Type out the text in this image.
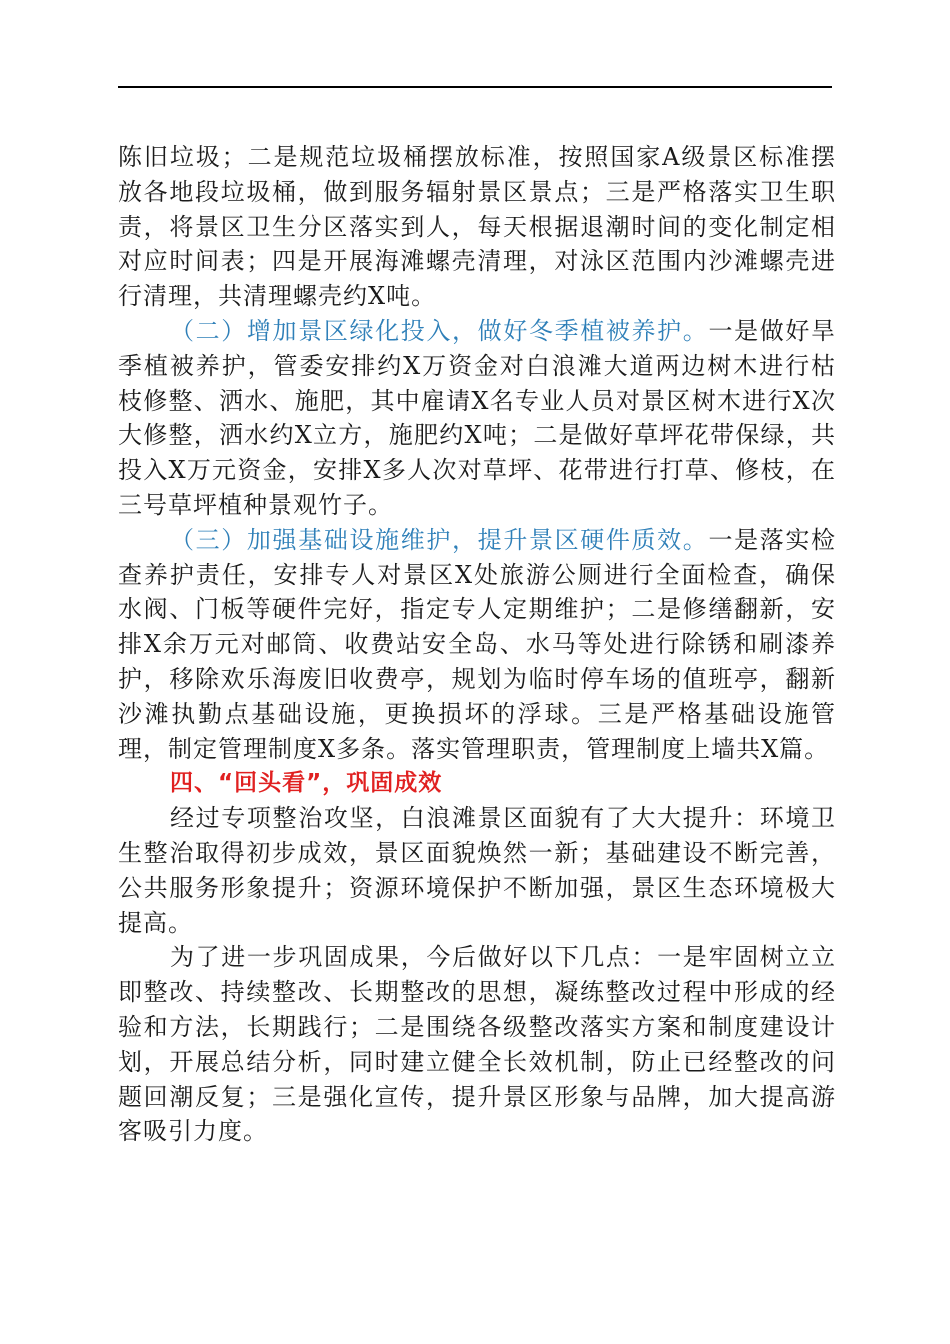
陈旧垃圾；二是规范垃圾桶摆放标准，按照国家A级景区标准摆放各地段垃圾桶，做到服务辐射景区景点；三是严格落实卫生职责，将景区卫生分区落实到人，每天根据退潮时间的变化制定相对应时间表；四是开展海滩螺壳清理，对泳区范围内沙滩螺壳进行清理，共清理螺壳约X吨。

（二）增加景区绿化投入，做好冬季植被养护。一是做好旱季植被养护，管委安排约X万资金对白浪滩大道两边树木进行枯枝修整、洒水、施肥，其中雇请X名专业人员对景区树木进行X次大修整，洒水约X立方，施肥约X吨；二是做好草坪花带保绿，共投入X万元资金，安排X多人次对草坪、花带进行打草、修枝，在三号草坪植种景观竹子。

（三）加强基础设施维护，提升景区硬件质效。一是落实检查养护责任，安排专人对景区X处旅游公厕进行全面检查，确保水阀、门板等硬件完好，指定专人定期维护；二是修缮翻新，安排X余万元对邮筒、收费站安全岛、水马等处进行除锈和刷漆养护，移除欢乐海废旧收费亭，规划为临时停车场的值班亭，翻新沙滩执勤点基础设施，更换损坏的浮球。三是严格基础设施管理，制定管理制度X多条。落实管理职责，管理制度上墙共X篇。

四、“回头看”，巩固成效

经过专项整治攻坚，白浪滩景区面貌有了大大提升：环境卫生整治取得初步成效，景区面貌焕然一新；基础建设不断完善，公共服务形象提升；资源环境保护不断加强，景区生态环境极大提高。

为了进一步巩固成果，今后做好以下几点：一是牢固树立立即整改、持续整改、长期整改的思想，凝练整改过程中形成的经验和方法，长期践行；二是围绕各级整改落实方案和制度建设计划，开展总结分析，同时建立健全长效机制，防止已经整改的问题回潮反复；三是强化宣传，提升景区形象与品牌，加大提高游客吸引力度。
